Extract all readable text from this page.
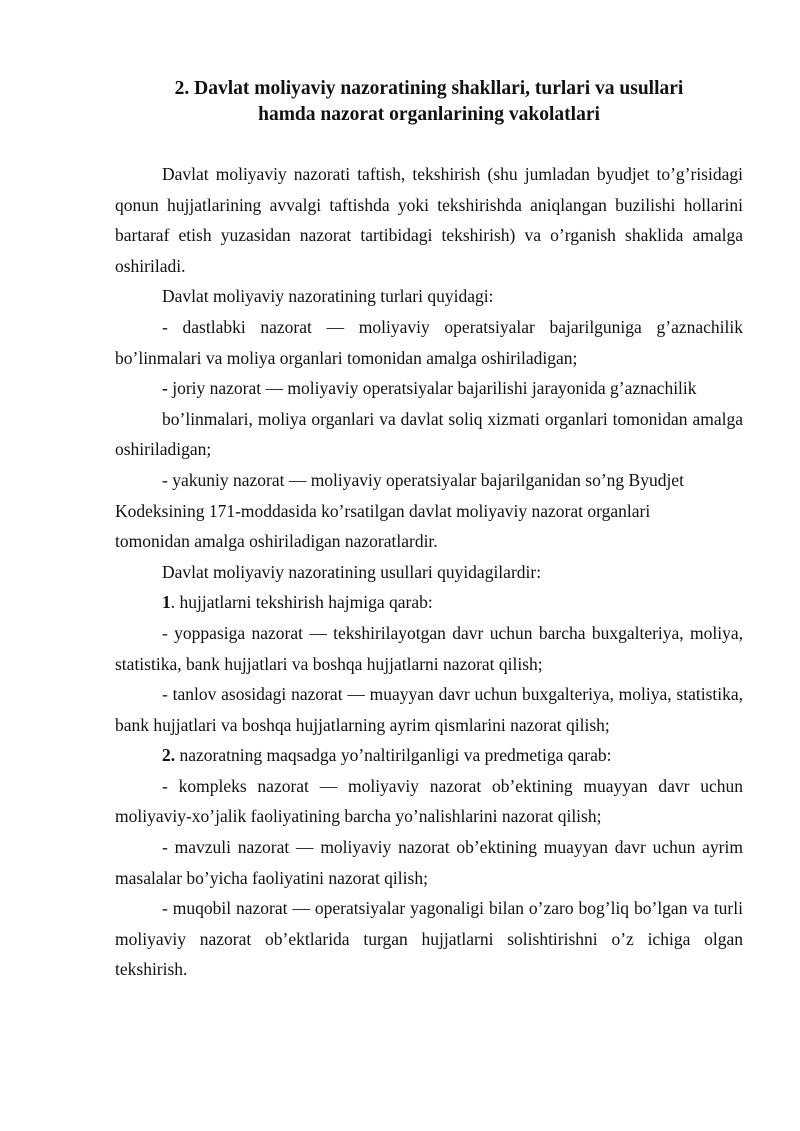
2. Davlat moliyaviy nazoratining shakllari, turlari va usullari
hamda nazorat organlarining vakolatlari

Davlat moliyaviy nazorati taftish, tekshirish (shu jumladan byudjet to’g’risidagi qonun hujjatlarining avvalgi taftishda yoki tekshirishda aniqlangan buzilishi hollarini bartaraf etish yuzasidan nazorat tartibidagi tekshirish) va o’rganish shaklida amalga oshiriladi.

Davlat moliyaviy nazoratining turlari quyidagi:

- dastlabki nazorat — moliyaviy operatsiyalar bajarilguniga g’aznachilik bo’linmalari va moliya organlari tomonidan amalga oshiriladigan;

- joriy nazorat — moliyaviy operatsiyalar bajarilishi jarayonida g’aznachilik

bo’linmalari, moliya organlari va davlat soliq xizmati organlari tomonidan amalga oshiriladigan;

- yakuniy nazorat — moliyaviy operatsiyalar bajarilganidan so’ng Byudjet
Kodeksining 171-moddasida ko’rsatilgan davlat moliyaviy nazorat organlari
tomonidan amalga oshiriladigan nazoratlardir.

Davlat moliyaviy nazoratining usullari quyidagilardir:

1. hujjatlarni tekshirish hajmiga qarab:

- yoppasiga nazorat — tekshirilayotgan davr uchun barcha buxgalteriya, moliya, statistika, bank hujjatlari va boshqa hujjatlarni nazorat qilish;

- tanlov asosidagi nazorat — muayyan davr uchun buxgalteriya, moliya, statistika, bank hujjatlari va boshqa hujjatlarning ayrim qismlarini nazorat qilish;

2. nazoratning maqsadga yo’naltirilganligi va predmetiga qarab:

- kompleks nazorat — moliyaviy nazorat ob’ektining muayyan davr uchun moliyaviy-xo’jalik faoliyatining barcha yo’nalishlarini nazorat qilish;

- mavzuli nazorat — moliyaviy nazorat ob’ektining muayyan davr uchun ayrim masalalar bo’yicha faoliyatini nazorat qilish;

- muqobil nazorat — operatsiyalar yagonaligi bilan o’zaro bog’liq bo’lgan va turli moliyaviy nazorat ob’ektlarida turgan hujjatlarni solishtirishni o’z ichiga olgan tekshirish.
